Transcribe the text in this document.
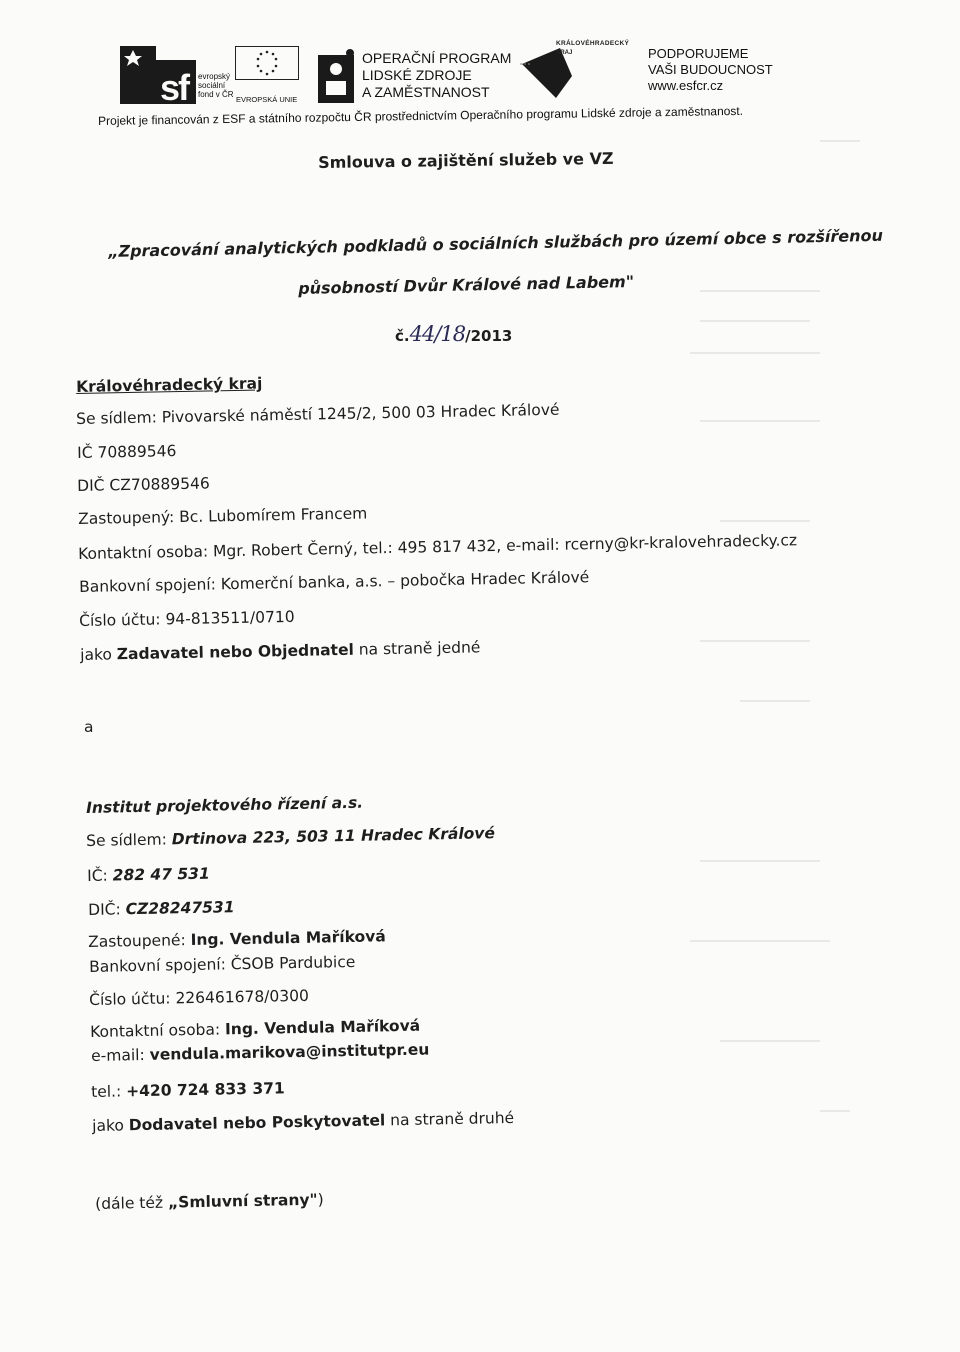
sf	evropský
sociální
fond v ČR
EVROPSKÁ UNIE
OPERAČNÍ PROGRAM
LIDSKÉ ZDROJE
A ZAMĚSTNANOST
KRÁLOVÉHRADECKÝ
KRAJ	PODPORUJEME
VAŠI BUDOUCNOST
www.esfcr.cz
Projekt je financován z ESF a státního rozpočtu ČR prostřednictvím Operačního programu Lidské zdroje a zaměstnanost.
Smlouva o zajištění služeb ve VZ
„Zpracování analytických podkladů o sociálních službách pro území obce s rozšířenou
působností Dvůr Králové nad Labem"
č.44/18/2013
Královéhradecký kraj
Se sídlem: Pivovarské náměstí 1245/2, 500 03 Hradec Králové
IČ 70889546
DIČ CZ70889546
Zastoupený: Bc. Lubomírem Francem
Kontaktní osoba: Mgr. Robert Černý, tel.: 495 817 432, e-mail: rcerny@kr-kralovehradecky.cz
Bankovní spojení: Komerční banka, a.s. – pobočka Hradec Králové
Číslo účtu: 94-813511/0710
jako Zadavatel nebo Objednatel na straně jedné
a
Institut projektového řízení a.s.
Se sídlem: Drtinova 223, 503 11 Hradec Králové
IČ: 282 47 531
DIČ: CZ28247531
Zastoupené: Ing. Vendula Maříková
Bankovní spojení: ČSOB Pardubice
Číslo účtu: 226461678/0300
Kontaktní osoba: Ing. Vendula Maříková
e-mail: vendula.marikova@institutpr.eu
tel.: +420 724 833 371
jako Dodavatel nebo Poskytovatel na straně druhé
(dále též „Smluvní strany")
